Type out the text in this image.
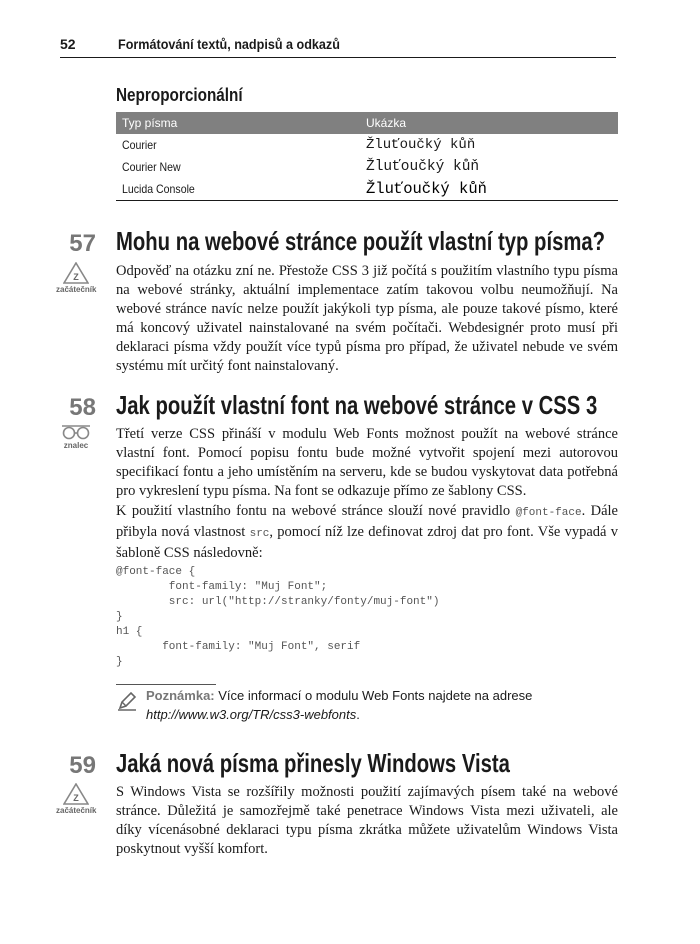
52	Formátování textů, nadpisů a odkazů
Neproporcionální
Typ písma	Ukázka
Courier	Žluťoučký kůň
Courier New	Žluťoučký kůň
Lucida Console	Žluťoučký kůň
57 Mohu na webové stránce použít vlastní typ písma?
Z
začátečník

Odpověď na otázku zní ne. Přestože CSS 3 již počítá s použitím vlastního typu písma na webové stránky, aktuální implementace zatím takovou volbu neumožňují. Na webové stránce navíc nelze použít jakýkoli typ písma, ale pouze takové písmo, které má koncový uživatel nainstalované na svém počítači. Webdesignér proto musí při deklaraci písma vždy použít více typů písma pro případ, že uživatel nebude ve svém systému mít určitý font nainstalovaný.

58 Jak použít vlastní font na webové stránce v CSS 3
znalec

Třetí verze CSS přináší v modulu Web Fonts možnost použít na webové stránce vlastní font. Pomocí popisu fontu bude možné vytvořit spojení mezi autorovou specifikací fontu a jeho umístěním na serveru, kde se budou vyskytovat data potřebná pro vykreslení typu písma. Na font se odkazuje přímo ze šablony CSS.

K použití vlastního fontu na webové stránce slouží nové pravidlo @font-face. Dále přibyla nová vlastnost src, pomocí níž lze definovat zdroj dat pro font. Vše vypadá v šabloně CSS následovně:

@font-face {
font-family: "Muj Font";
src: url("http://stranky/fonty/muj-font")
}
h1 {
font-family: "Muj Font", serif
}

Poznámka: Více informací o modulu Web Fonts najdete na adrese http://www.w3.org/TR/css3-webfonts.

59 Jaká nová písma přinesly Windows Vista
Z
začátečník

S Windows Vista se rozšířily možnosti použití zajímavých písem také na webové stránce. Důležitá je samozřejmě také penetrace Windows Vista mezi uživateli, ale díky vícenásobné deklaraci typu písma zkrátka můžete uživatelům Windows Vista poskytnout vyšší komfort.
